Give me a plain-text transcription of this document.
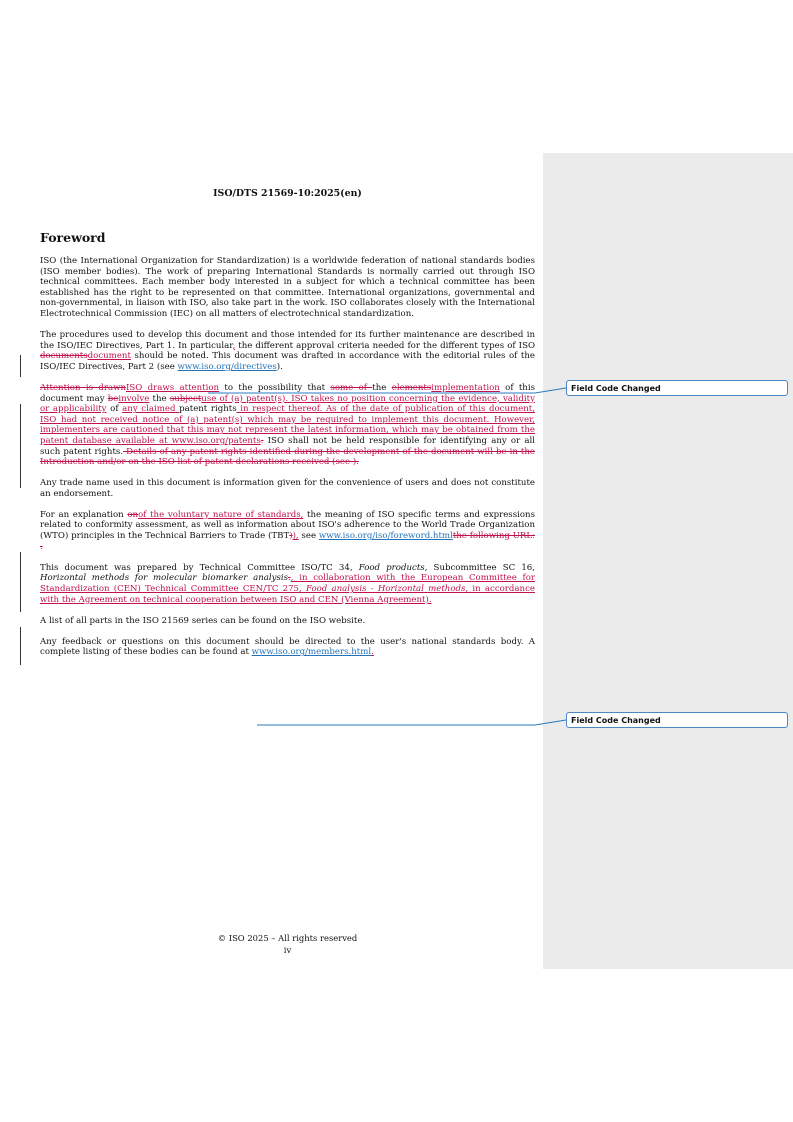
ISO/DTS 21569-10:2025(en)
Foreword

ISO (the International Organization for Standardization) is a worldwide federation of national standards bodies (ISO member bodies). The work of preparing International Standards is normally carried out through ISO technical committees. Each member body interested in a subject for which a technical committee has been established has the right to be represented on that committee. International organizations, governmental and non-governmental, in liaison with ISO, also take part in the work. ISO collaborates closely with the International Electrotechnical Commission (IEC) on all matters of electrotechnical standardization.

The procedures used to develop this document and those intended for its further maintenance are described in the ISO/IEC Directives, Part 1. In particular, the different approval criteria needed for the different types of ISO documentsdocument should be noted. This document was drafted in accordance with the editorial rules of the ISO/IEC Directives, Part 2 (see www.iso.org/directives).

Attention is drawnISO draws attention to the possibility that some of the elementsimplementation of this document may beinvolve the subjectuse of (a) patent(s). ISO takes no position concerning the evidence, validity or applicability of any claimed patent rights in respect thereof. As of the date of publication of this document, ISO had not received notice of (a) patent(s) which may be required to implement this document. However, implementers are cautioned that this may not represent the latest information, which may be obtained from the patent database available at www.iso.org/patents. ISO shall not be held responsible for identifying any or all such patent rights. Details of any patent rights identified during the development of the document will be in the Introduction and/or on the ISO list of patent declarations received (see ).

Any trade name used in this document is information given for the convenience of users and does not constitute an endorsement.

For an explanation onof the voluntary nature of standards, the meaning of ISO specific terms and expressions related to conformity assessment, as well as information about ISO's adherence to the World Trade Organization (WTO) principles in the Technical Barriers to Trade (TBT)), see www.iso.org/iso/foreword.htmlthe following URL: .

This document was prepared by Technical Committee ISO/TC 34, Food products, Subcommittee SC 16, Horizontal methods for molecular biomarker analysis., in collaboration with the European Committee for Standardization (CEN) Technical Committee CEN/TC 275, Food analysis - Horizontal methods, in accordance with the Agreement on technical cooperation between ISO and CEN (Vienna Agreement).

A list of all parts in the ISO 21569 series can be found on the ISO website.

Any feedback or questions on this document should be directed to the user's national standards body. A complete listing of these bodies can be found at www.iso.org/members.html.

Field Code Changed
Field Code Changed
© ISO 2025 – All rights reserved
iv
